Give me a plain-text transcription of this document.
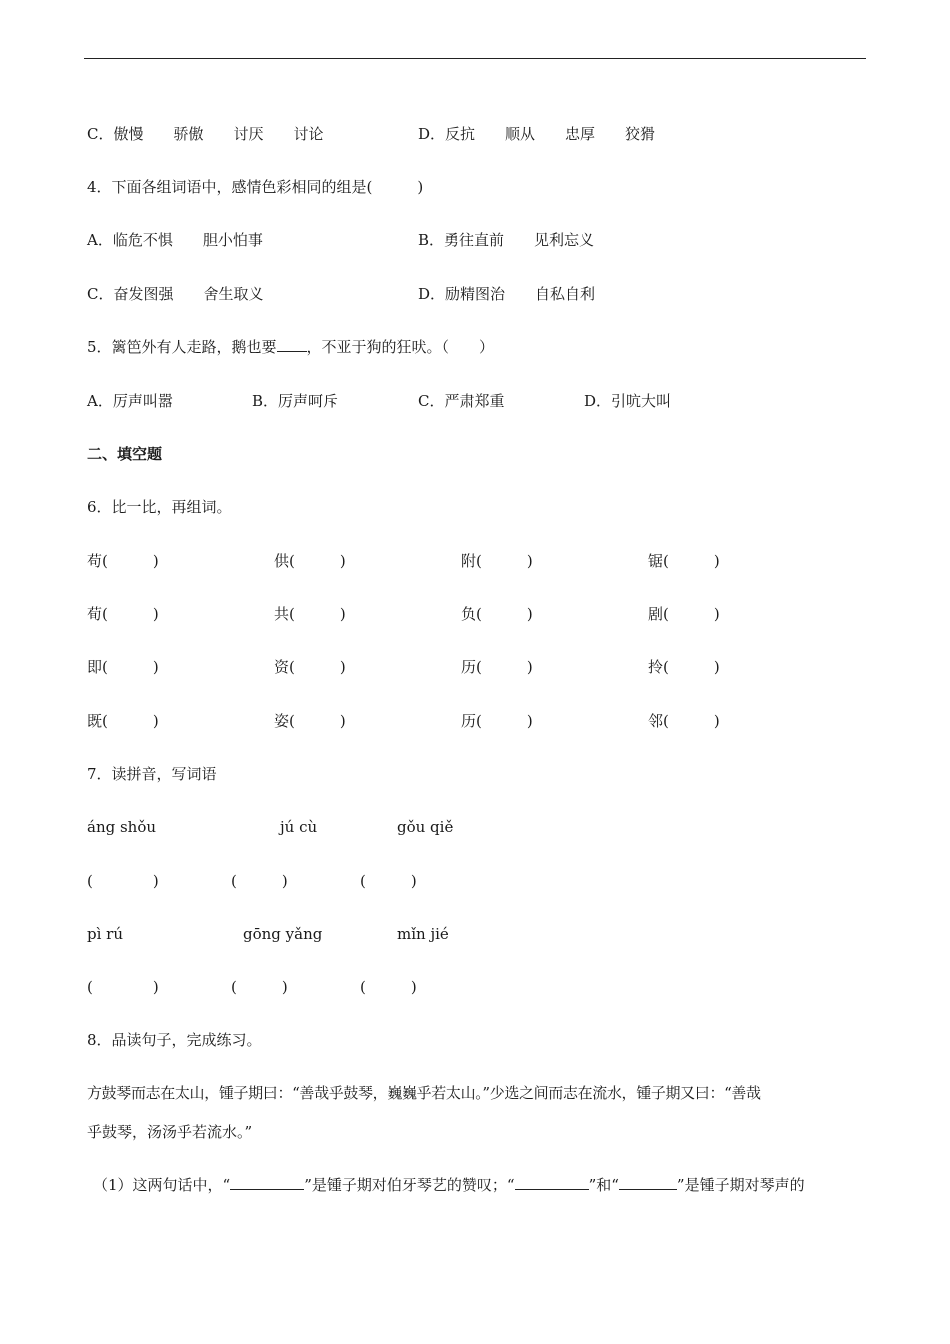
C．傲慢　　骄傲　　讨厌　　讨论	D．反抗　　顺从　　忠厚　　狡猾
4．下面各组词语中，感情色彩相同的组是(　　　)
A．临危不惧　　胆小怕事	B．勇往直前　　见利忘义
C．奋发图强　　舍生取义	D．励精图治　　自私自利
5．篱笆外有人走路，鹅也要 ，不亚于狗的狂吠。（　　）
A．厉声叫嚣	B．厉声呵斥	C．严肃郑重	D．引吭大叫
二、填空题
6．比一比，再组词。
苟(　　　)	供(　　　)	附(　　　)	锯(　　　)
荀(　　　)	共(　　　)	负(　　　)	剧(　　　)
即(　　　)	资(　　　)	历(　　　)	拎(　　　)
既(　　　)	姿(　　　)	历(　　　)	邻(　　　)
7．读拼音，写词语
áng shǒu	jú cù	gǒu qiě
(　　　　)	(　　　)	(　　　)
pì rú	gōng yǎng	mǐn jié
(　　　　)	(　　　)	(　　　)
8．品读句子，完成练习。
方鼓琴而志在太山，锺子期曰：“善哉乎鼓琴，巍巍乎若太山。”少选之间而志在流水，锺子期又曰：“善哉
乎鼓琴，汤汤乎若流水。”
（1）这两句话中，“	”是锺子期对伯牙琴艺的赞叹；“	”和“	”是锺子期对琴声的
